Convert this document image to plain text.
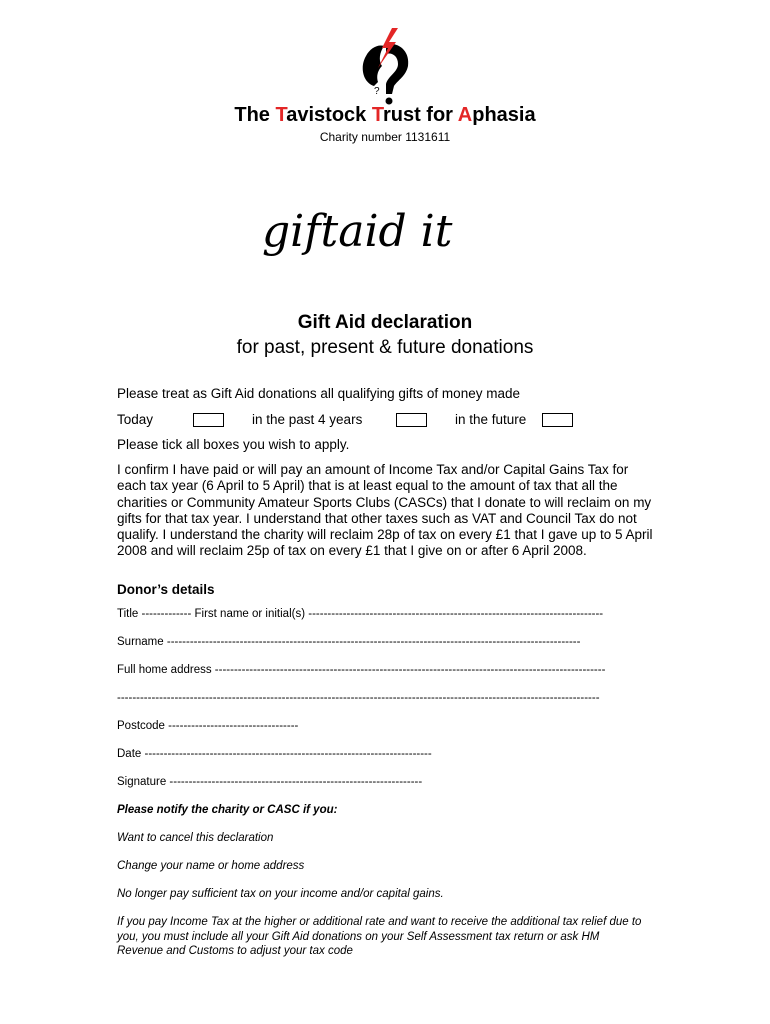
?
The Tavistock Trust for Aphasia
Charity number 1131611
giftaid it
Gift Aid declaration
for past, present & future donations
Please treat as Gift Aid donations all qualifying gifts of money made
Today	in the past 4 years	in the future
Please tick all boxes you wish to apply.

I confirm I have paid or will pay an amount of Income Tax and/or Capital Gains Tax for each tax year (6 April to 5 April) that is at least equal to the amount of tax that all the charities or Community Amateur Sports Clubs (CASCs) that I donate to will reclaim on my gifts for that tax year. I understand that other taxes such as VAT and Council Tax do not qualify. I understand the charity will reclaim 28p of tax on every £1 that I gave up to 5 April 2008 and will reclaim 25p of tax on every £1 that I give on or after 6 April 2008.

Donor’s details
Title ------------- First name or initial(s) -----------------------------------------------------------------------------
Surname ------------------------------------------------------------------------------------------------------------
Full home address ------------------------------------------------------------------------------------------------------
------------------------------------------------------------------------------------------------------------------------------
Postcode ----------------------------------
Date ---------------------------------------------------------------------------
Signature ------------------------------------------------------------------
Please notify the charity or CASC if you:
Want to cancel this declaration
Change your name or home address
No longer pay sufficient tax on your income and/or capital gains.

If you pay Income Tax at the higher or additional rate and want to receive the additional tax relief due to you, you must include all your Gift Aid donations on your Self Assessment tax return or ask HM Revenue and Customs to adjust your tax code
